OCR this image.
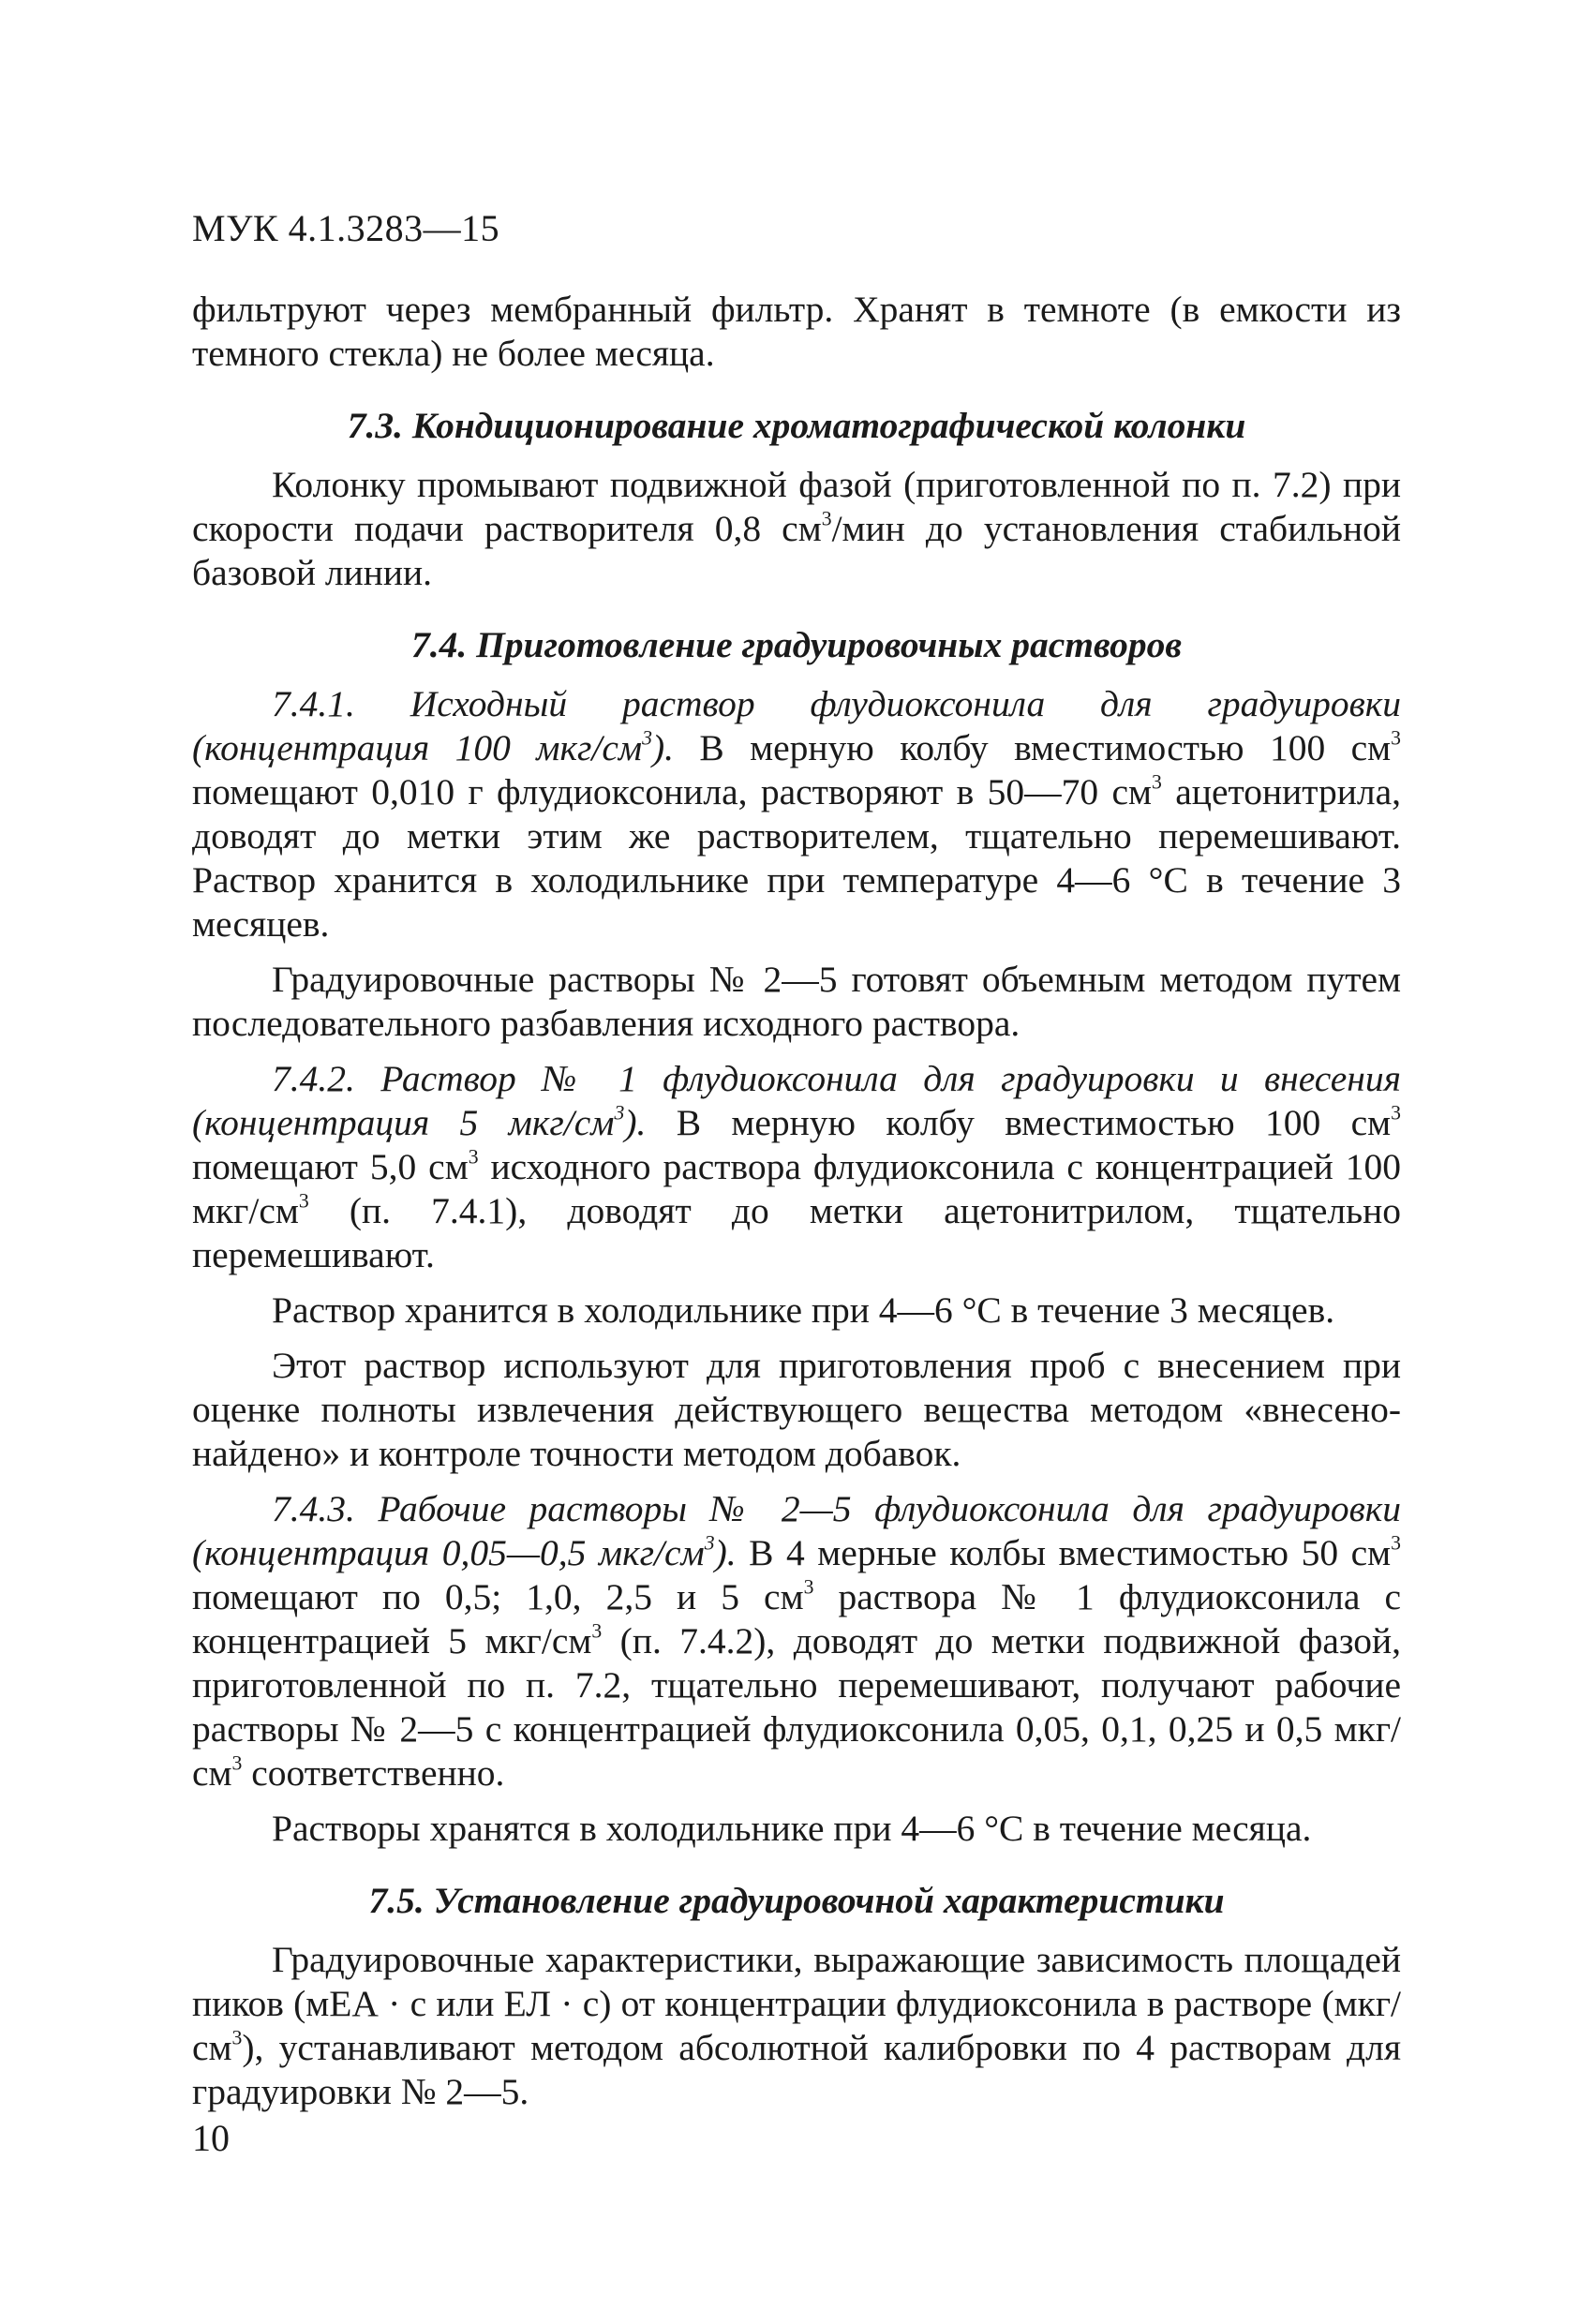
МУК 4.1.3283—15

фильтруют через мембранный фильтр. Хранят в темноте (в емкости из темного стекла) не более месяца.

7.3. Кондиционирование хроматографической колонки

Колонку промывают подвижной фазой (приготовленной по п. 7.2) при скорости подачи растворителя 0,8 $см^3$/мин до установления стабильной базовой линии.

7.4. Приготовление градуировочных растворов

7.4.1. Исходный раствор флудиоксонила для градуировки (концентрация 100 мкг/$см^3$). В мерную колбу вместимостью 100 $см^3$ помещают 0,010 г флудиоксонила, растворяют в 50—70 $см^3$ ацетонитрила, доводят до метки этим же растворителем, тщательно перемешивают. Раствор хранится в холодильнике при температуре 4—6 °С в течение 3 месяцев.

Градуировочные растворы № 2—5 готовят объемным методом путем последовательного разбавления исходного раствора.

7.4.2. Раствор № 1 флудиоксонила для градуировки и внесения (концентрация 5 мкг/$см^3$). В мерную колбу вместимостью 100 $см^3$ помещают 5,0 $см^3$ исходного раствора флудиоксонила с концентрацией 100 мкг/$см^3$ (п. 7.4.1), доводят до метки ацетонитрилом, тщательно перемешивают.

Раствор хранится в холодильнике при 4—6 °С в течение 3 месяцев.

Этот раствор используют для приготовления проб с внесением при оценке полноты извлечения действующего вещества методом «внесено-найдено» и контроле точности методом добавок.

7.4.3. Рабочие растворы № 2—5 флудиоксонила для градуировки (концентрация 0,05—0,5 мкг/$см^3$). В 4 мерные колбы вместимостью 50 $см^3$ помещают по 0,5; 1,0, 2,5 и 5 $см^3$ раствора № 1 флудиоксонила с концентрацией 5 мкг/$см^3$ (п. 7.4.2), доводят до метки подвижной фазой, приготовленной по п. 7.2, тщательно перемешивают, получают рабочие растворы № 2—5 с концентрацией флудиоксонила 0,05, 0,1, 0,25 и 0,5 мкг/$см^3$ соответственно.

Растворы хранятся в холодильнике при 4—6 °С в течение месяца.

7.5. Установление градуировочной характеристики

Градуировочные характеристики, выражающие зависимость площадей пиков (мЕА · с или ЕЛ · с) от концентрации флудиоксонила в растворе $(мкг/см^3)$, устанавливают методом абсолютной калибровки по 4 растворам для градуировки № 2—5.

10
